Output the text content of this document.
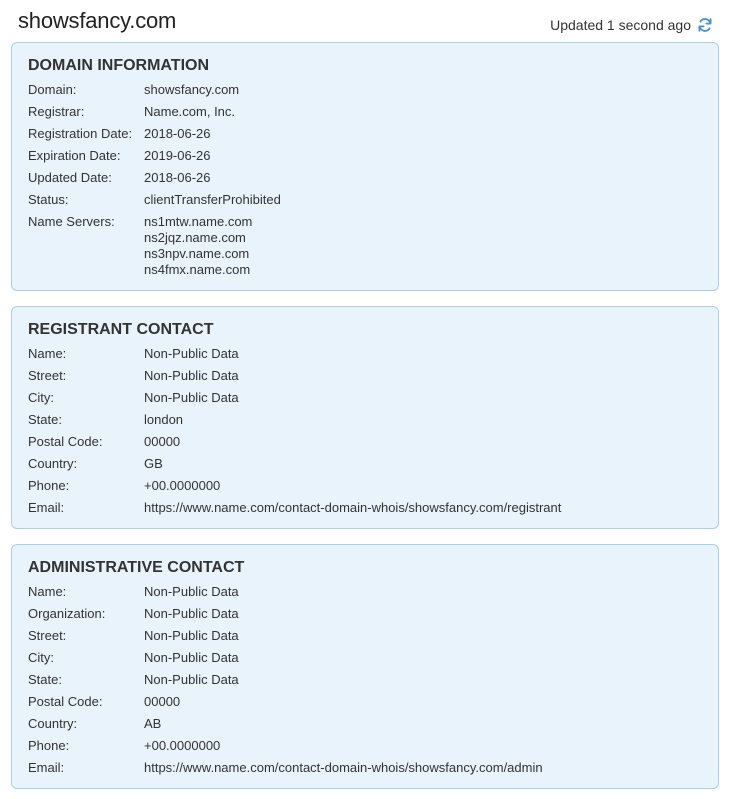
showsfancy.com	Updated 1 second ago
DOMAIN INFORMATION
Domain:	showsfancy.com
Registrar:	Name.com, Inc.
Registration Date: 2018-06-26
Expiration Date:	2019-06-26
Updated Date:	2018-06-26
Status:	clientTransferProhibited
Name Servers:	ns1mtw.name.com
ns2jqz.name.com
ns3npv.name.com
ns4fmx.name.com
REGISTRANT CONTACT
Name:	Non-Public Data
Street:	Non-Public Data
City:	Non-Public Data
State:	london
Postal Code:	00000
Country:	GB
Phone:	+00.0000000
Email:	https://www.name.com/contact-domain-whois/showsfancy.com/registrant
ADMINISTRATIVE CONTACT
Name:	Non-Public Data
Organization:	Non-Public Data
Street:	Non-Public Data
City:	Non-Public Data
State:	Non-Public Data
Postal Code:	00000
Country:	AB
Phone:	+00.0000000
Email:	https://www.name.com/contact-domain-whois/showsfancy.com/admin
